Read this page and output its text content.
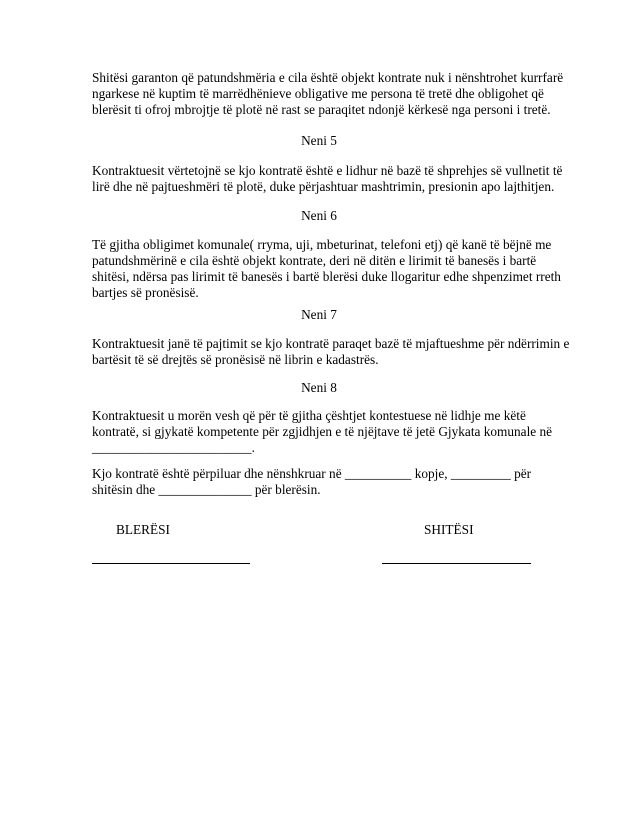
Shitësi garanton që patundshmëria e cila është objekt kontrate nuk i nënshtrohet kurrfarë
ngarkese në kuptim të marrëdhënieve obligative me persona të tretë dhe obligohet që
blerësit ti ofroj mbrojtje të plotë në rast se paraqitet ndonjë kërkesë nga personi i tretë.

Neni 5

Kontraktuesit vërtetojnë se kjo kontratë është e lidhur në bazë të shprehjes së vullnetit të
lirë dhe në pajtueshmëri të plotë, duke përjashtuar mashtrimin, presionin apo lajthitjen.

Neni 6

Të gjitha obligimet komunale( rryma, uji, mbeturinat, telefoni etj) që kanë të bëjnë me
patundshmërinë e cila është objekt kontrate, deri në ditën e lirimit të banesës i bartë
shitësi, ndërsa pas lirimit të banesës i bartë blerësi duke llogaritur edhe shpenzimet rreth
bartjes së pronësisë.

Neni 7

Kontraktuesit janë të pajtimit se kjo kontratë paraqet bazë të mjaftueshme për ndërrimin e
bartësit të së drejtës së pronësisë në librin e kadastrës.

Neni 8

Kontraktuesit u morën vesh që për të gjitha çështjet kontestuese në lidhje me këtë
kontratë, si gjykatë kompetente për zgjidhjen e të njëjtave të jetë Gjykata komunale në
________________________.
Kjo kontratë është përpiluar dhe nënshkruar në __________ kopje, _________ për
shitësin dhe ______________ për blerësin.

BLERËSI	SHITËSI
